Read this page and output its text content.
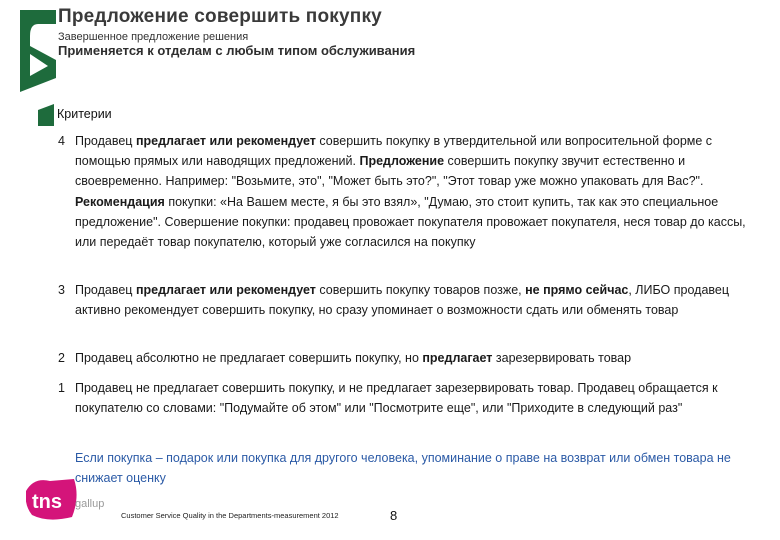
Предложение совершить покупку
Завершенное предложение решения
Применяется к отделам с любым типом обслуживания
Критерии
4 Продавец предлагает или рекомендует совершить покупку в утвердительной или вопросительной форме с помощью прямых или наводящих предложений. Предложение совершить покупку звучит естественно и своевременно. Например: "Возьмите, это", "Может быть это?", "Этот товар уже можно упаковать для Вас?". Рекомендация покупки: «На Вашем месте, я бы это взял», "Думаю, это стоит купить, так как это специальное предложение". Совершение покупки: продавец провожает покупателя провожает покупателя, неся товар до кассы, или передаёт товар покупателю, который уже согласился на покупку
3 Продавец предлагает или рекомендует совершить покупку товаров позже, не прямо сейчас, ЛИБО продавец активно рекомендует совершить покупку, но сразу упоминает о возможности сдать или обменять товар
2 Продавец абсолютно не предлагает совершить покупку, но предлагает зарезервировать товар
1 Продавец не предлагает совершить покупку, и не предлагает зарезервировать товар. Продавец обращается к покупателю со словами: "Подумайте об этом" или "Посмотрите еще", или "Приходите в следующий раз"
Если покупка – подарок или покупка для другого человека, упоминание о праве на возврат или обмен товара не снижает оценку
tns gallup
Customer Service Quality in the Departments-measurement 2012	8
